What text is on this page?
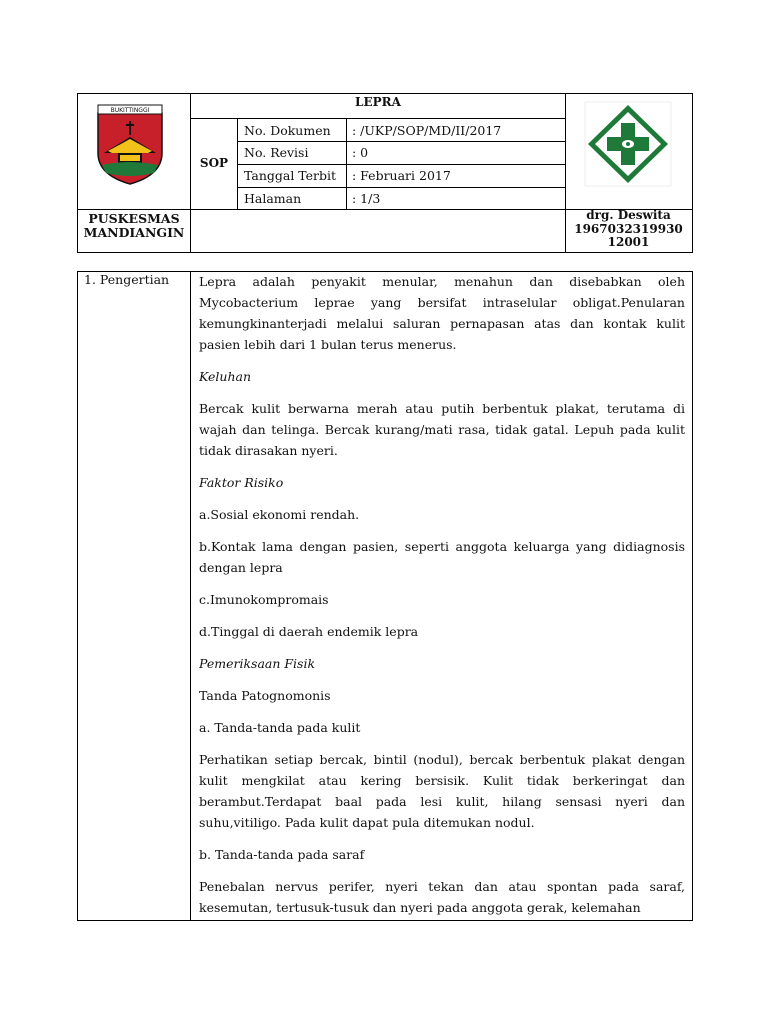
BUKITTINGGI
PUSKESMAS
MANDIANGIN
LEPRA
SOP
No. Dokumen : /UKP/SOP/MD/II/2017
No. Revisi	: 0
Tanggal Terbit : Februari 2017
Halaman	: 1/3
drg. Deswita
1967032319930
12001
1. Pengertian Lepra adalah penyakit menular, menahun dan disebabkan oleh Mycobacterium leprae yang bersifat intraselular obligat.Penularan kemungkinanterjadi melalui saluran pernapasan atas dan kontak kulit pasien lebih dari 1 bulan terus menerus.

Keluhan

Bercak kulit berwarna merah atau putih berbentuk plakat, terutama di wajah dan telinga. Bercak kurang/mati rasa, tidak gatal. Lepuh pada kulit tidak dirasakan nyeri.

Faktor Risiko

a.Sosial ekonomi rendah.

b.Kontak lama dengan pasien, seperti anggota keluarga yang didiagnosis dengan lepra

c.Imunokompromais

d.Tinggal di daerah endemik lepra

Pemeriksaan Fisik

Tanda Patognomonis

a. Tanda-tanda pada kulit

Perhatikan setiap bercak, bintil (nodul), bercak berbentuk plakat dengan kulit mengkilat atau kering bersisik. Kulit tidak berkeringat dan berambut.Terdapat baal pada lesi kulit, hilang sensasi nyeri dan suhu,vitiligo. Pada kulit dapat pula ditemukan nodul.

b. Tanda-tanda pada saraf

Penebalan nervus perifer, nyeri tekan dan atau spontan pada saraf, kesemutan, tertusuk-tusuk dan nyeri pada anggota gerak, kelemahan
